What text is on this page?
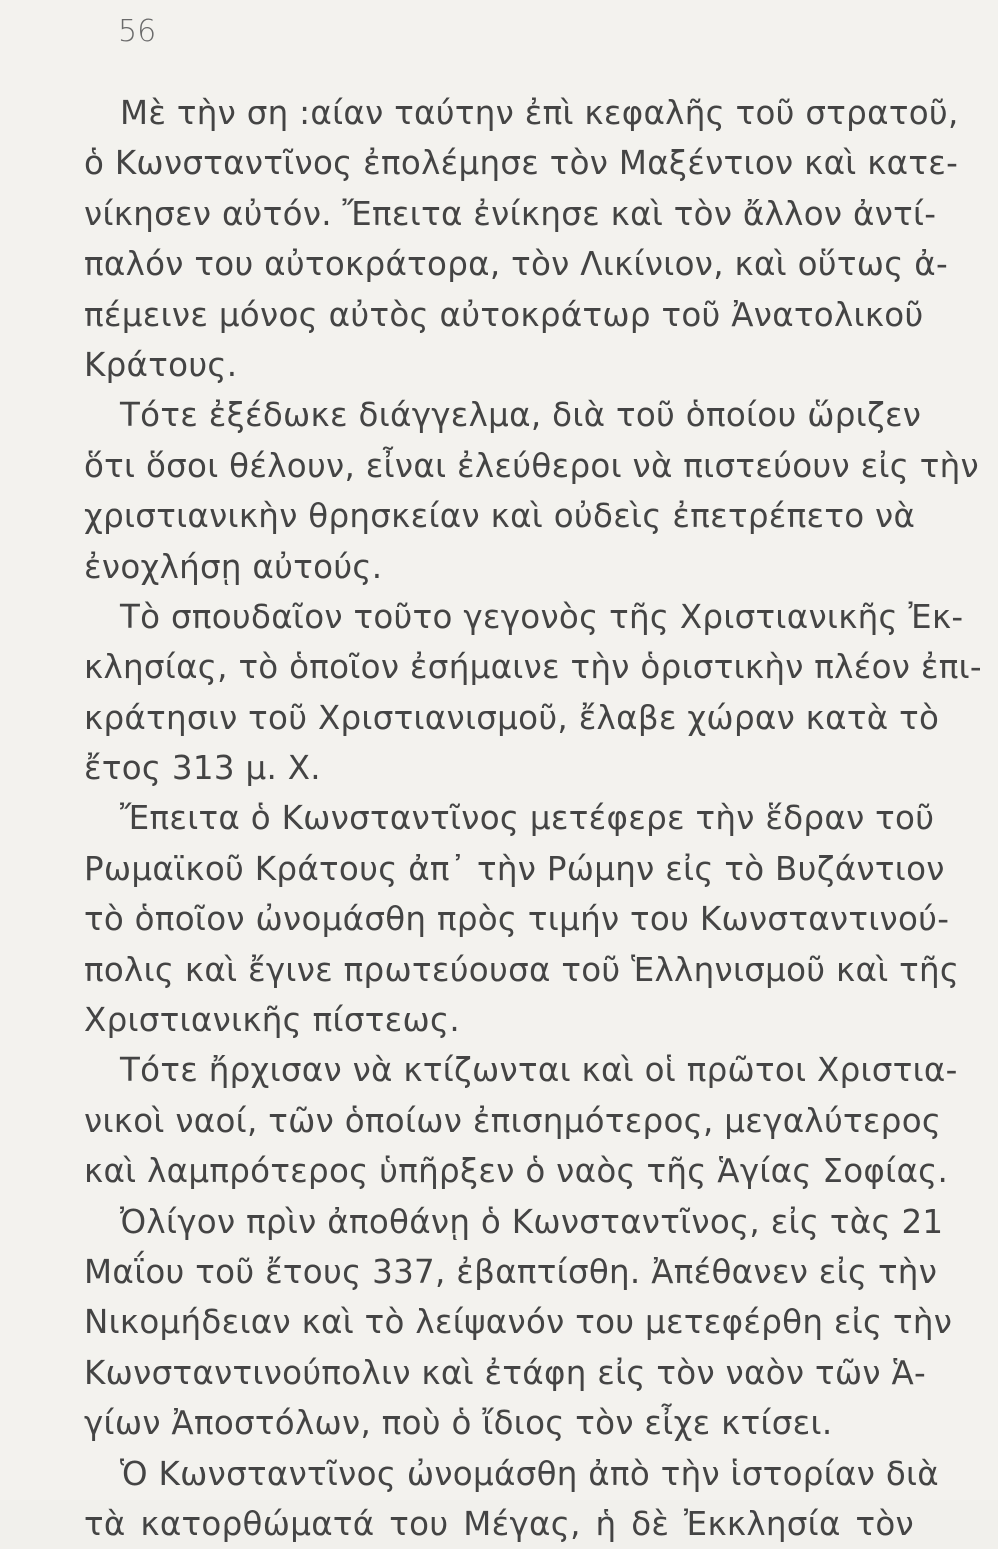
56
Μὲ τὴν ση :αίαν ταύτην ἐπὶ κεφαλῆς τοῦ στρατοῦ,
ὁ Κωνσταντῖνος ἐπολέμησε τὸν Μαξέντιον καὶ κατε-
νίκησεν αὐτόν. Ἔπειτα ἐνίκησε καὶ τὸν ἄλλον ἀντί-
παλόν του αὐτοκράτορα, τὸν Λικίνιον, καὶ οὕτως ἀ-
πέμεινε μόνος αὐτὸς αὐτοκράτωρ τοῦ Ἀνατολικοῦ
Κράτους.
Τότε ἐξέδωκε διάγγελμα, διὰ τοῦ ὁποίου ὥριζεν
ὅτι ὅσοι θέλουν, εἶναι ἐλεύθεροι νὰ πιστεύουν εἰς τὴν
χριστιανικὴν θρησκείαν καὶ οὐδεὶς ἐπετρέπετο νὰ
ἐνοχλήσῃ αὐτούς.
Τὸ σπουδαῖον τοῦτο γεγονὸς τῆς Χριστιανικῆς Ἐκ-
κλησίας, τὸ ὁποῖον ἐσήμαινε τὴν ὁριστικὴν πλέον ἐπι-
κράτησιν τοῦ Χριστιανισμοῦ, ἔλαβε χώραν κατὰ τὸ
ἔτος 313 μ. Χ.
Ἔπειτα ὁ Κωνσταντῖνος μετέφερε τὴν ἕδραν τοῦ
Ρωμαϊκοῦ Κράτους ἀπ᾿ τὴν Ρώμην εἰς τὸ Βυζάντιον
τὸ ὁποῖον ὠνομάσθη πρὸς τιμήν του Κωνσταντινού-
πολις καὶ ἔγινε πρωτεύουσα τοῦ Ἑλληνισμοῦ καὶ τῆς
Χριστιανικῆς πίστεως.
Τότε ἤρχισαν νὰ κτίζωνται καὶ οἱ πρῶτοι Χριστια-
νικοὶ ναοί, τῶν ὁποίων ἐπισημότερος, μεγαλύτερος
καὶ λαμπρότερος ὑπῆρξεν ὁ ναὸς τῆς Ἁγίας Σοφίας.
Ὀλίγον πρὶν ἀποθάνῃ ὁ Κωνσταντῖνος, εἰς τὰς 21
Μαΐου τοῦ ἔτους 337, ἐβαπτίσθη. Ἀπέθανεν εἰς τὴν
Νικομήδειαν καὶ τὸ λείψανόν του μετεφέρθη εἰς τὴν
Κωνσταντινούπολιν καὶ ἐτάφη εἰς τὸν ναὸν τῶν Ἁ-
γίων Ἀποστόλων, ποὺ ὁ ἴδιος τὸν εἶχε κτίσει.
Ὁ Κωνσταντῖνος ὠνομάσθη ἀπὸ τὴν ἱστορίαν διὰ
τὰ κατορθώματά του Μέγας, ἡ δὲ Ἐκκλησία τὸν
